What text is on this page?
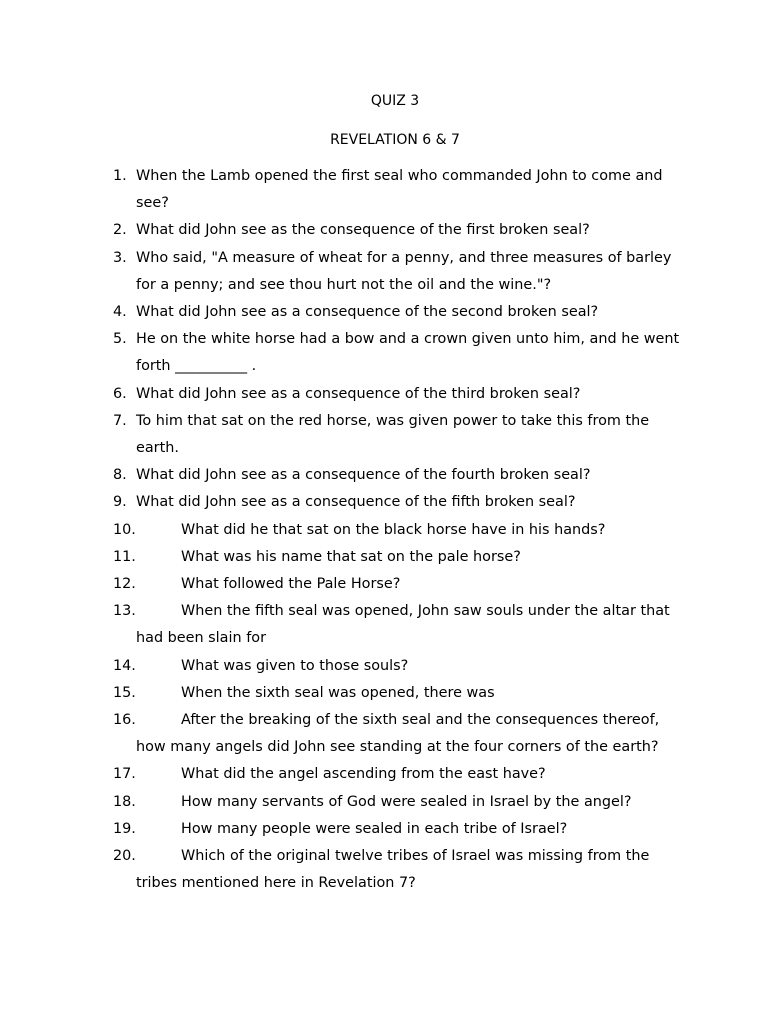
QUIZ 3
REVELATION 6 & 7
1. When the Lamb opened the first seal who commanded John to come and see?
2. What did John see as the consequence of the first broken seal?
3. Who said, "A measure of wheat for a penny, and three measures of barley for a penny; and see thou hurt not the oil and the wine."?
4. What did John see as a consequence of the second broken seal?
5. He on the white horse had a bow and a crown given unto him, and he went forth __________ .
6. What did John see as a consequence of the third broken seal?
7. To him that sat on the red horse, was given power to take this from the earth.
8. What did John see as a consequence of the fourth broken seal?
9. What did John see as a consequence of the fifth broken seal?
10.	What did he that sat on the black horse have in his hands?
11.	What was his name that sat on the pale horse?
12.	What followed the Pale Horse?
13.	When the fifth seal was opened, John saw souls under the altar that had been slain for
14.	What was given to those souls?
15.	When the sixth seal was opened, there was
16.	After the breaking of the sixth seal and the consequences thereof, how many angels did John see standing at the four corners of the earth?
17.	What did the angel ascending from the east have?
18.	How many servants of God were sealed in Israel by the angel?
19.	How many people were sealed in each tribe of Israel?
20.	Which of the original twelve tribes of Israel was missing from the tribes mentioned here in Revelation 7?
